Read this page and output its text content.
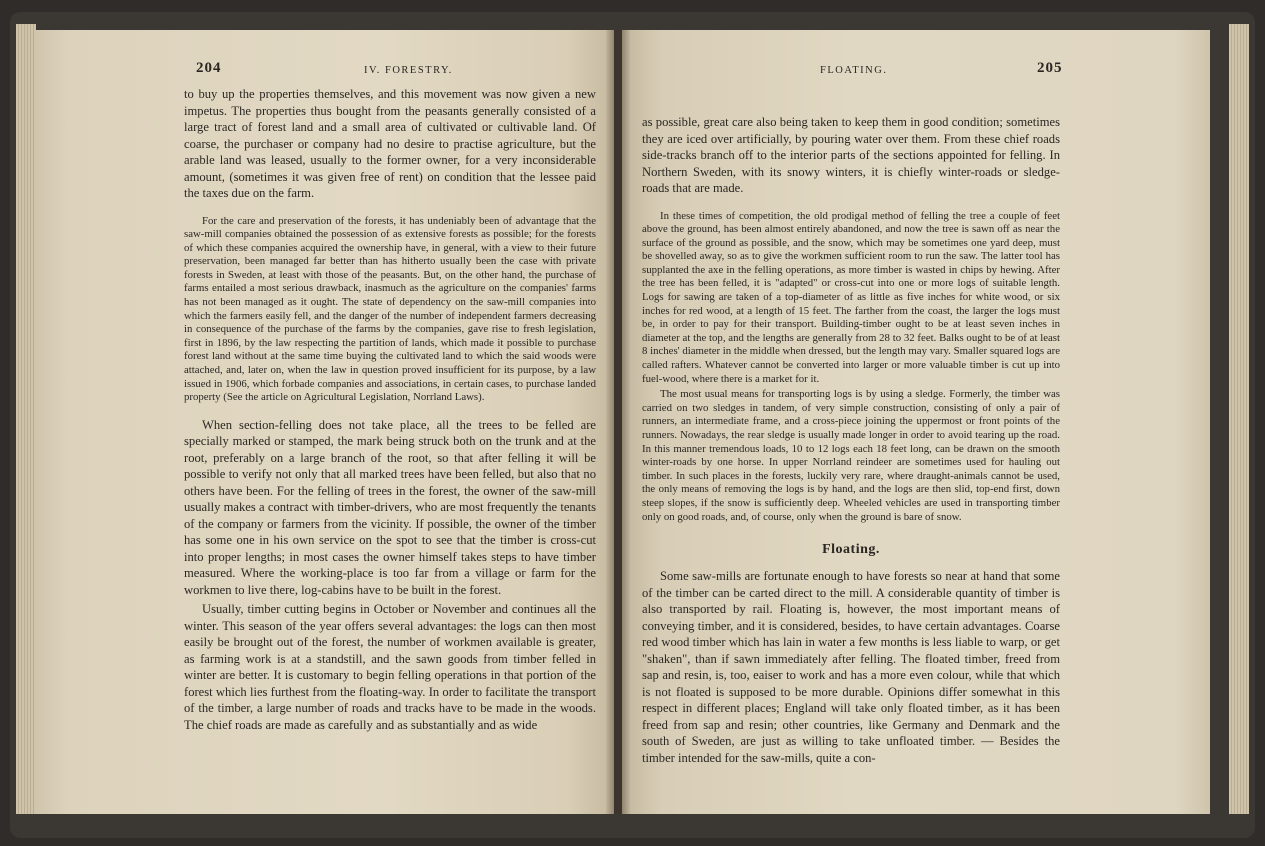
204	IV. FORESTRY.

to buy up the properties themselves, and this movement was now given a new impetus. The properties thus bought from the peasants generally consisted of a large tract of forest land and a small area of cultivated or cultivable land. Of coarse, the purchaser or company had no desire to practise agriculture, but the arable land was leased, usually to the former owner, for a very inconsiderable amount, (sometimes it was given free of rent) on condition that the lessee paid the taxes due on the farm.

For the care and preservation of the forests, it has undeniably been of advantage that the saw-mill companies obtained the possession of as extensive forests as possible; for the forests of which these companies acquired the ownership have, in general, with a view to their future preservation, been managed far better than has hitherto usually been the case with private forests in Sweden, at least with those of the peasants. But, on the other hand, the purchase of farms entailed a most serious drawback, inasmuch as the agriculture on the companies' farms has not been managed as it ought. The state of dependency on the saw-mill companies into which the farmers easily fell, and the danger of the number of independent farmers decreasing in consequence of the purchase of the farms by the companies, gave rise to fresh legislation, first in 1896, by the law respecting the partition of lands, which made it possible to purchase forest land without at the same time buying the cultivated land to which the said woods were attached, and, later on, when the law in question proved insufficient for its purpose, by a law issued in 1906, which forbade companies and associations, in certain cases, to purchase landed property (See the article on Agricultural Legislation, Norrland Laws).

When section-felling does not take place, all the trees to be felled are specially marked or stamped, the mark being struck both on the trunk and at the root, preferably on a large branch of the root, so that after felling it will be possible to verify not only that all marked trees have been felled, but also that no others have been. For the felling of trees in the forest, the owner of the saw-mill usually makes a contract with timber-drivers, who are most frequently the tenants of the company or farmers from the vicinity. If possible, the owner of the timber has some one in his own service on the spot to see that the timber is cross-cut into proper lengths; in most cases the owner himself takes steps to have timber measured. Where the working-place is too far from a village or farm for the workmen to live there, log-cabins have to be built in the forest.

Usually, timber cutting begins in October or November and continues all the winter. This season of the year offers several advantages: the logs can then most easily be brought out of the forest, the number of workmen available is greater, as farming work is at a standstill, and the sawn goods from timber felled in winter are better. It is customary to begin felling operations in that portion of the forest which lies furthest from the floating-way. In order to facilitate the transport of the timber, a large number of roads and tracks have to be made in the woods. The chief roads are made as carefully and as substantially and as wide

FLOATING.	205

as possible, great care also being taken to keep them in good condition; sometimes they are iced over artificially, by pouring water over them. From these chief roads side-tracks branch off to the interior parts of the sections appointed for felling. In Northern Sweden, with its snowy winters, it is chiefly winter-roads or sledge-roads that are made.

In these times of competition, the old prodigal method of felling the tree a couple of feet above the ground, has been almost entirely abandoned, and now the tree is sawn off as near the surface of the ground as possible, and the snow, which may be sometimes one yard deep, must be shovelled away, so as to give the workmen sufficient room to run the saw. The latter tool has supplanted the axe in the felling operations, as more timber is wasted in chips by hewing. After the tree has been felled, it is "adapted" or cross-cut into one or more logs of suitable length. Logs for sawing are taken of a top-diameter of as little as five inches for white wood, or six inches for red wood, at a length of 15 feet. The farther from the coast, the larger the logs must be, in order to pay for their transport. Building-timber ought to be at least seven inches in diameter at the top, and the lengths are generally from 28 to 32 feet. Balks ought to be of at least 8 inches' diameter in the middle when dressed, but the length may vary. Smaller squared logs are called rafters. Whatever cannot be converted into larger or more valuable timber is cut up into fuel-wood, where there is a market for it.

The most usual means for transporting logs is by using a sledge. Formerly, the timber was carried on two sledges in tandem, of very simple construction, consisting of only a pair of runners, an intermediate frame, and a cross-piece joining the uppermost or front points of the runners. Nowadays, the rear sledge is usually made longer in order to avoid tearing up the road. In this manner tremendous loads, 10 to 12 logs each 18 feet long, can be drawn on the smooth winter-roads by one horse. In upper Norrland reindeer are sometimes used for hauling out timber. In such places in the forests, luckily very rare, where draught-animals cannot be used, the only means of removing the logs is by hand, and the logs are then slid, top-end first, down steep slopes, if the snow is sufficiently deep. Wheeled vehicles are used in transporting timber only on good roads, and, of course, only when the ground is bare of snow.

Floating.

Some saw-mills are fortunate enough to have forests so near at hand that some of the timber can be carted direct to the mill. A considerable quantity of timber is also transported by rail. Floating is, however, the most important means of conveying timber, and it is considered, besides, to have certain advantages. Coarse red wood timber which has lain in water a few months is less liable to warp, or get "shaken", than if sawn immediately after felling. The floated timber, freed from sap and resin, is, too, eaiser to work and has a more even colour, while that which is not floated is supposed to be more durable. Opinions differ somewhat in this respect in different places; England will take only floated timber, as it has been freed from sap and resin; other countries, like Germany and Denmark and the south of Sweden, are just as willing to take unfloated timber. — Besides the timber intended for the saw-mills, quite a con-
